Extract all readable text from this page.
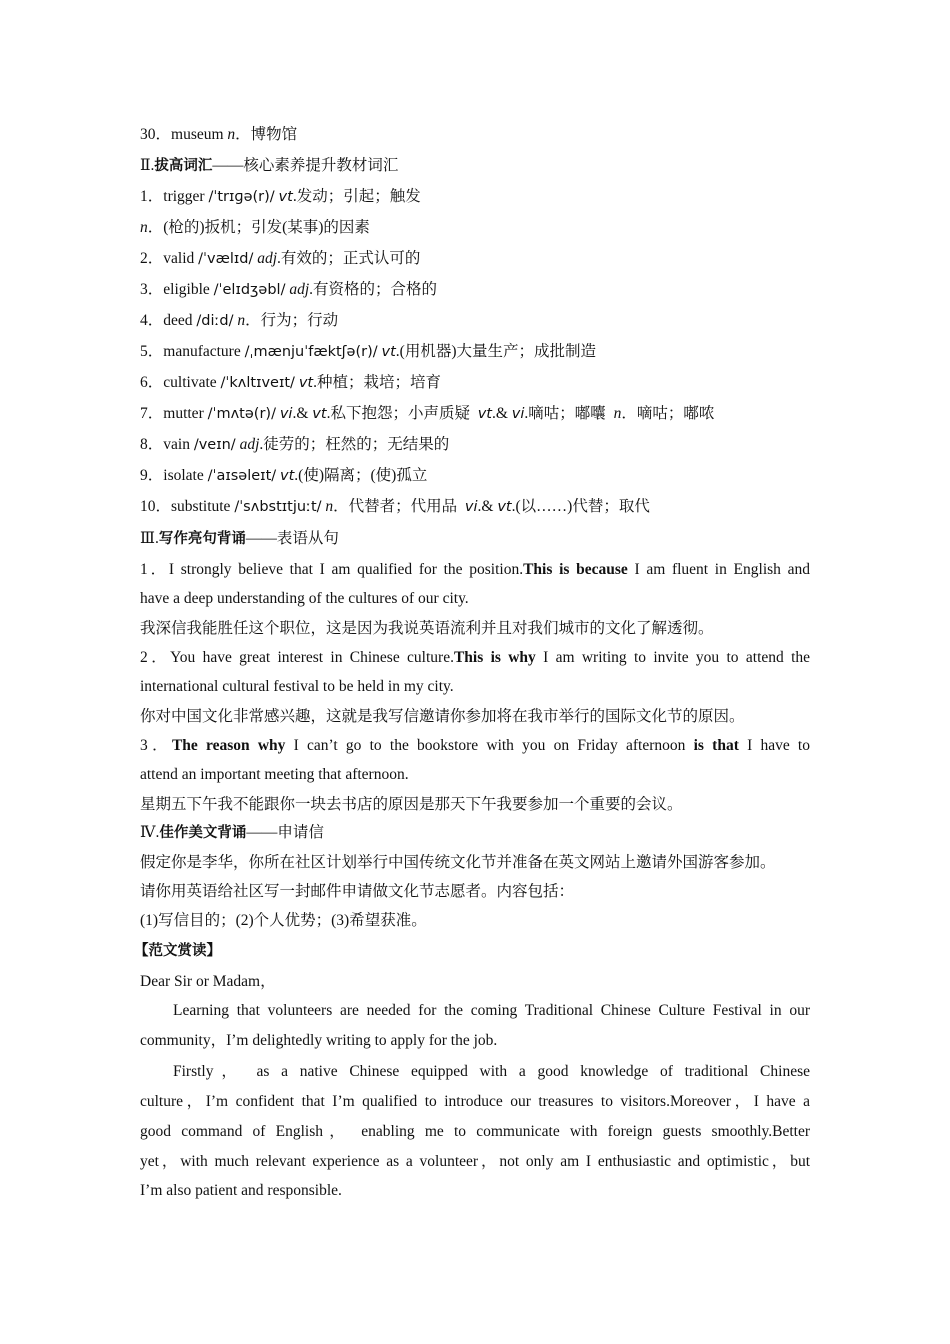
30．museum n．博物馆
Ⅱ.拔高词汇——核心素养提升教材词汇
1．trigger /ˈtrɪɡə(r)/ vt.发动；引起；触发
n．(枪的)扳机；引发(某事)的因素
2．valid /ˈvælɪd/ adj.有效的；正式认可的
3．eligible /ˈelɪdʒəbl/ adj.有资格的；合格的
4．deed /diːd/ n．行为；行动
5．manufacture /ˌmænjuˈfæktʃə(r)/ vt.(用机器)大量生产；成批制造
6．cultivate /ˈkʌltɪveɪt/ vt.种植；栽培；培育
7．mutter /ˈmʌtə(r)/ vi.& vt.私下抱怨；小声质疑 vt.& vi.嘀咕；嘟囔 n．嘀咕；嘟哝
8．vain /veɪn/ adj.徒劳的；枉然的；无结果的
9．isolate /ˈaɪsəleɪt/ vt.(使)隔离；(使)孤立
10．substitute /ˈsʌbstɪtjuːt/ n．代替者；代用品 vi.& vt.(以……)代替；取代
Ⅲ.写作亮句背诵——表语从句
1．I strongly believe that I am qualified for the position.This is because I am fluent in English and
have a deep understanding of the cultures of our city.
我深信我能胜任这个职位，这是因为我说英语流利并且对我们城市的文化了解透彻。
2．You have great interest in Chinese culture.This is why I am writing to invite you to attend the
international cultural festival to be held in my city.
你对中国文化非常感兴趣，这就是我写信邀请你参加将在我市举行的国际文化节的原因。
3．The reason why I can’t go to the bookstore with you on Friday afternoon is that I have to
attend an important meeting that afternoon.
星期五下午我不能跟你一块去书店的原因是那天下午我要参加一个重要的会议。
Ⅳ.佳作美文背诵——申请信
假定你是李华，你所在社区计划举行中国传统文化节并准备在英文网站上邀请外国游客参加。
请你用英语给社区写一封邮件申请做文化节志愿者。内容包括：
(1)写信目的；(2)个人优势；(3)希望获准。
【范文赏读】
Dear Sir or Madam，
Learning that volunteers are needed for the coming Traditional Chinese Culture Festival in our
community，I’m delightedly writing to apply for the job.
Firstly， as a native Chinese equipped with a good knowledge of traditional Chinese
culture，I’m confident that I’m qualified to introduce our treasures to visitors.Moreover，I have a
good command of English， enabling me to communicate with foreign guests smoothly.Better
yet，with much relevant experience as a volunteer，not only am I enthusiastic and optimistic，but
I’m also patient and responsible.
